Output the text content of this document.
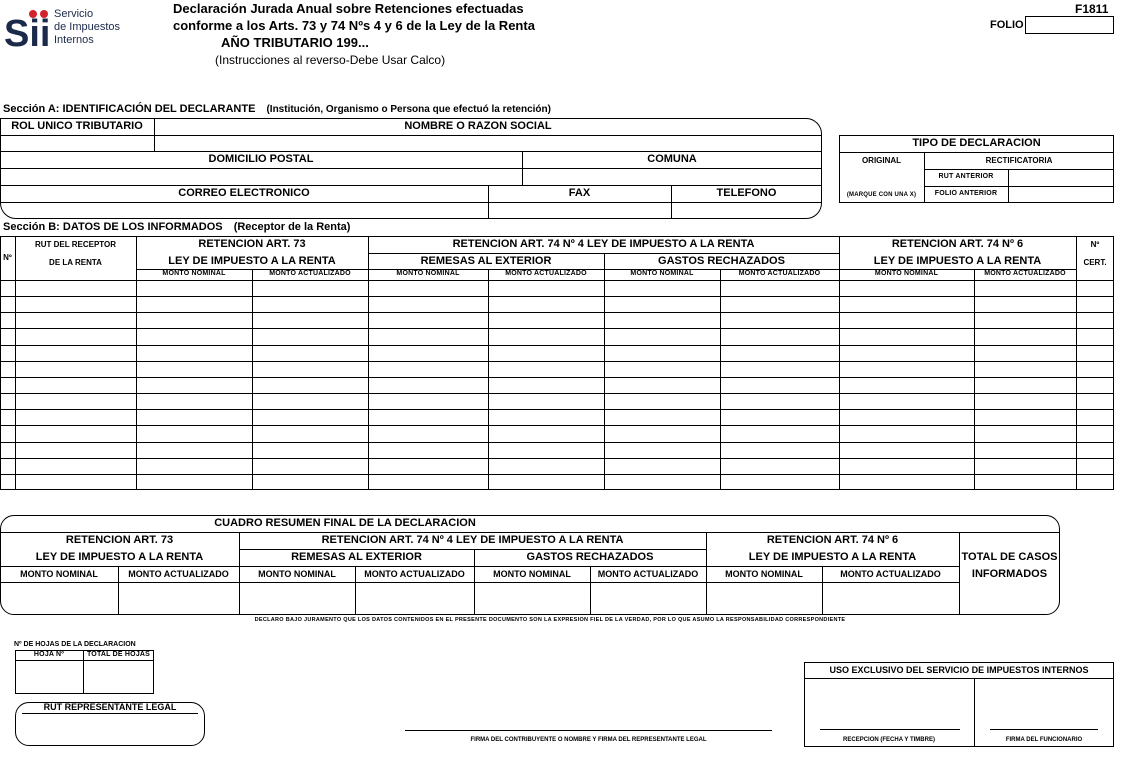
Sii Servicio
de Impuestos
Internos
Declaración Jurada Anual sobre Retenciones efectuadas
conforme a los Arts. 73 y 74 Nºs 4 y 6 de la Ley de la Renta
AÑO TRIBUTARIO 199...
(Instrucciones al reverso-Debe Usar Calco)
F1811
FOLIO
Sección A: IDENTIFICACIÓN DEL DECLARANTE (Institución, Organismo o Persona que efectuó la retención)
ROL UNICO TRIBUTARIO	NOMBRE O RAZON SOCIAL
DOMICILIO POSTAL	COMUNA
CORREO ELECTRONICO	FAX	TELEFONO
TIPO DE DECLARACION
ORIGINAL	RECTIFICATORIA
(MARQUE CON UNA X)
RUT ANTERIOR
FOLIO ANTERIOR
Sección B: DATOS DE LOS INFORMADOS (Receptor de la Renta)
Nº
RUT DEL RECEPTOR
DE LA RENTA
RETENCION ART. 73
LEY DE IMPUESTO A LA RENTA
RETENCION ART. 74 Nº 4 LEY DE IMPUESTO A LA RENTA
REMESAS AL EXTERIOR	GASTOS RECHAZADOS
RETENCION ART. 74 Nº 6
LEY DE IMPUESTO A LA RENTA
Nº
CERT.
MONTO NOMINAL	MONTO ACTUALIZADO	MONTO NOMINAL	MONTO ACTUALIZADO	MONTO NOMINAL	MONTO ACTUALIZADO	MONTO NOMINAL	MONTO ACTUALIZADO
CUADRO RESUMEN FINAL DE LA DECLARACION
RETENCION ART. 73
LEY DE IMPUESTO A LA RENTA
RETENCION ART. 74 Nº 4 LEY DE IMPUESTO A LA RENTA
REMESAS AL EXTERIOR	GASTOS RECHAZADOS
RETENCION ART. 74 Nº 6
LEY DE IMPUESTO A LA RENTA	TOTAL DE CASOS
INFORMADOS
MONTO NOMINAL	MONTO ACTUALIZADO	MONTO NOMINAL	MONTO ACTUALIZADO	MONTO NOMINAL	MONTO ACTUALIZADO	MONTO NOMINAL	MONTO ACTUALIZADO
DECLARO BAJO JURAMENTO QUE LOS DATOS CONTENIDOS EN EL PRESENTE DOCUMENTO SON LA EXPRESION FIEL DE LA VERDAD, POR LO QUE ASUMO LA RESPONSABILIDAD CORRESPONDIENTE
Nº DE HOJAS DE LA DECLARACION
HOJA Nº	TOTAL DE HOJAS
RUT REPRESENTANTE LEGAL
FIRMA DEL CONTRIBUYENTE O NOMBRE Y FIRMA DEL REPRESENTANTE LEGAL
USO EXCLUSIVO DEL SERVICIO DE IMPUESTOS INTERNOS
RECEPCION (FECHA Y TIMBRE)	FIRMA DEL FUNCIONARIO
